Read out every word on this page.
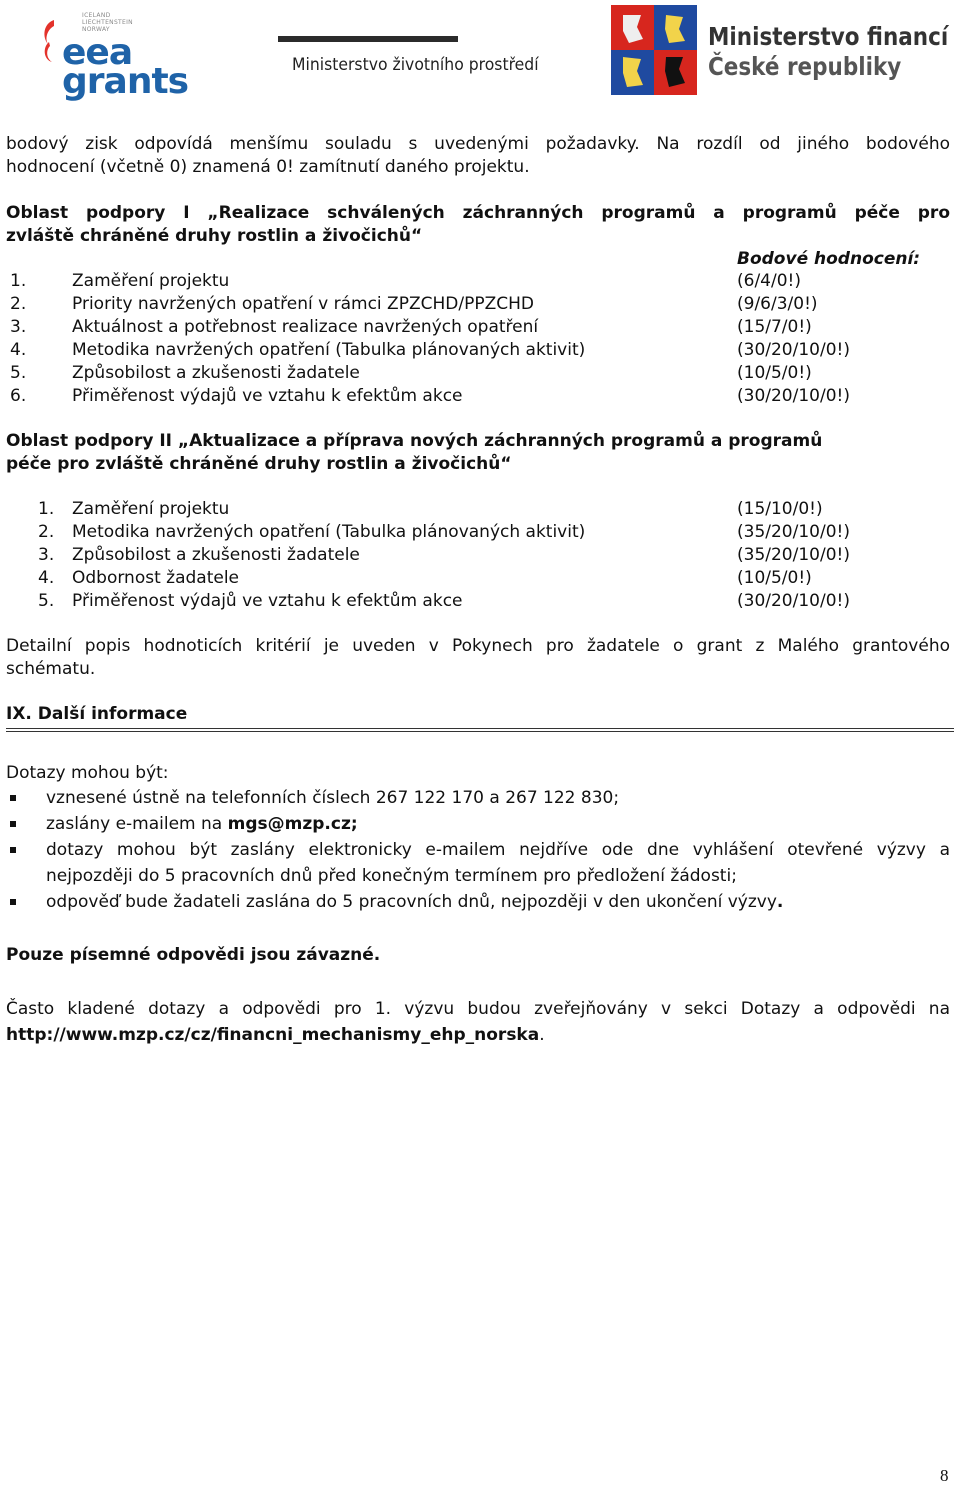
ICELAND
LIECHTENSTEIN
NORWAY
eea
grants	Ministerstvo životního prostředí
Ministerstvo financí
České republiky
bodový zisk odpovídá menšímu souladu s uvedenými požadavky. Na rozdíl od jiného bodového
hodnocení (včetně 0) znamená 0! zamítnutí daného projektu.
Oblast podpory I „Realizace schválených záchranných programů a programů péče pro
zvláště chráněné druhy rostlin a živočichů“
Bodové hodnocení:

1.	Zaměření projektu	(6/4/0!)
2.	Priority navržených opatření v rámci ZPZCHD/PPZCHD	(9/6/3/0!)
3.	Aktuálnost a potřebnost realizace navržených opatření	(15/7/0!)
4.	Metodika navržených opatření (Tabulka plánovaných aktivit)	(30/20/10/0!)
5.	Způsobilost a zkušenosti žadatele	(10/5/0!)
6.	Přiměřenost výdajů ve vztahu k efektům akce	(30/20/10/0!)
Oblast podpory II „Aktualizace a příprava nových záchranných programů a programů
péče pro zvláště chráněné druhy rostlin a živočichů“
1. Zaměření projektu	(15/10/0!)
2. Metodika navržených opatření (Tabulka plánovaných aktivit)	(35/20/10/0!)
3. Způsobilost a zkušenosti žadatele	(35/20/10/0!)
4. Odbornost žadatele	(10/5/0!)
5. Přiměřenost výdajů ve vztahu k efektům akce	(30/20/10/0!)
Detailní popis hodnoticích kritérií je uveden v Pokynech pro žadatele o grant z Malého grantového
schématu.
IX. Další informace
Dotazy mohou být:
vznesené ústně na telefonních číslech 267 122 170 a 267 122 830;
zaslány e-mailem na mgs@mzp.cz;
dotazy mohou být zaslány elektronicky e-mailem nejdříve ode dne vyhlášení otevřené výzvy a
nejpozději do 5 pracovních dnů před konečným termínem pro předložení žádosti;
odpověď bude žadateli zaslána do 5 pracovních dnů, nejpozději v den ukončení výzvy.
Pouze písemné odpovědi jsou závazné.
Často kladené dotazy a odpovědi pro 1. výzvu budou zveřejňovány v sekci Dotazy a odpovědi na
http://www.mzp.cz/cz/financni_mechanismy_ehp_norska.
8
